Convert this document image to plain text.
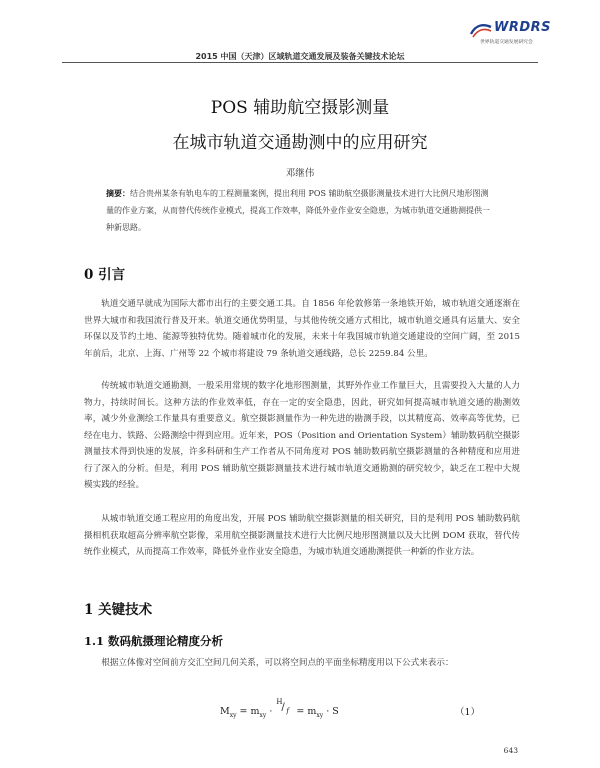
WRDRS
世界轨道交通发展研究会
2015 中国（天津）区域轨道交通发展及装备关键技术论坛
POS 辅助航空摄影测量
在城市轨道交通勘测中的应用研究
邓继伟
摘要：结合贵州某条有轨电车的工程测量案例，提出利用 POS 辅助航空摄影测量技术进行大比例尺地形图测量的作业方案，从而替代传统作业模式，提高工作效率，降低外业作业安全隐患，为城市轨道交通勘测提供一种新思路。
0 引言

轨道交通早就成为国际大都市出行的主要交通工具。自 1856 年伦敦修第一条地铁开始，城市轨道交通逐渐在世界大城市和我国流行普及开来。轨道交通优势明显，与其他传统交通方式相比，城市轨道交通具有运量大、安全环保以及节约土地、能源等独特优势。随着城市化的发展，未来十年我国城市轨道交通建设的空间广阔，至 2015 年前后，北京、上海、广州等 22 个城市将建设 79 条轨道交通线路，总长 2259.84 公里。

传统城市轨道交通勘测，一般采用常规的数字化地形图测量，其野外作业工作量巨大，且需要投入大量的人力物力，持续时间长。这种方法的作业效率低，存在一定的安全隐患，因此，研究如何提高城市轨道交通的勘测效率，减少外业测绘工作量具有重要意义。航空摄影测量作为一种先进的勘测手段，以其精度高、效率高等优势，已经在电力、铁路、公路测绘中得到应用。近年来，POS（Position and Orientation System）辅助数码航空摄影测量技术得到快速的发展，许多科研和生产工作者从不同角度对 POS 辅助数码航空摄影测量的各种精度和应用进行了深入的分析。但是，利用 POS 辅助航空摄影测量技术进行城市轨道交通勘测的研究较少，缺乏在工程中大规模实践的经验。

从城市轨道交通工程应用的角度出发，开展 POS 辅助航空摄影测量的相关研究，目的是利用 POS 辅助数码航摄相机获取超高分辨率航空影像，采用航空摄影测量技术进行大比例尺地形图测量以及大比例 DOM 获取，替代传统作业模式，从而提高工作效率，降低外业作业安全隐患，为城市轨道交通勘测提供一种新的作业方法。

1 关键技术
1.1 数码航摄理论精度分析

根据立体像对空间前方交汇空间几何关系，可以将空间点的平面坐标精度用以下公式来表示：

$M_{xy} = m_{xy}$ ·
H
/ $f = m_{xy} \cdot S$	（1）
643
